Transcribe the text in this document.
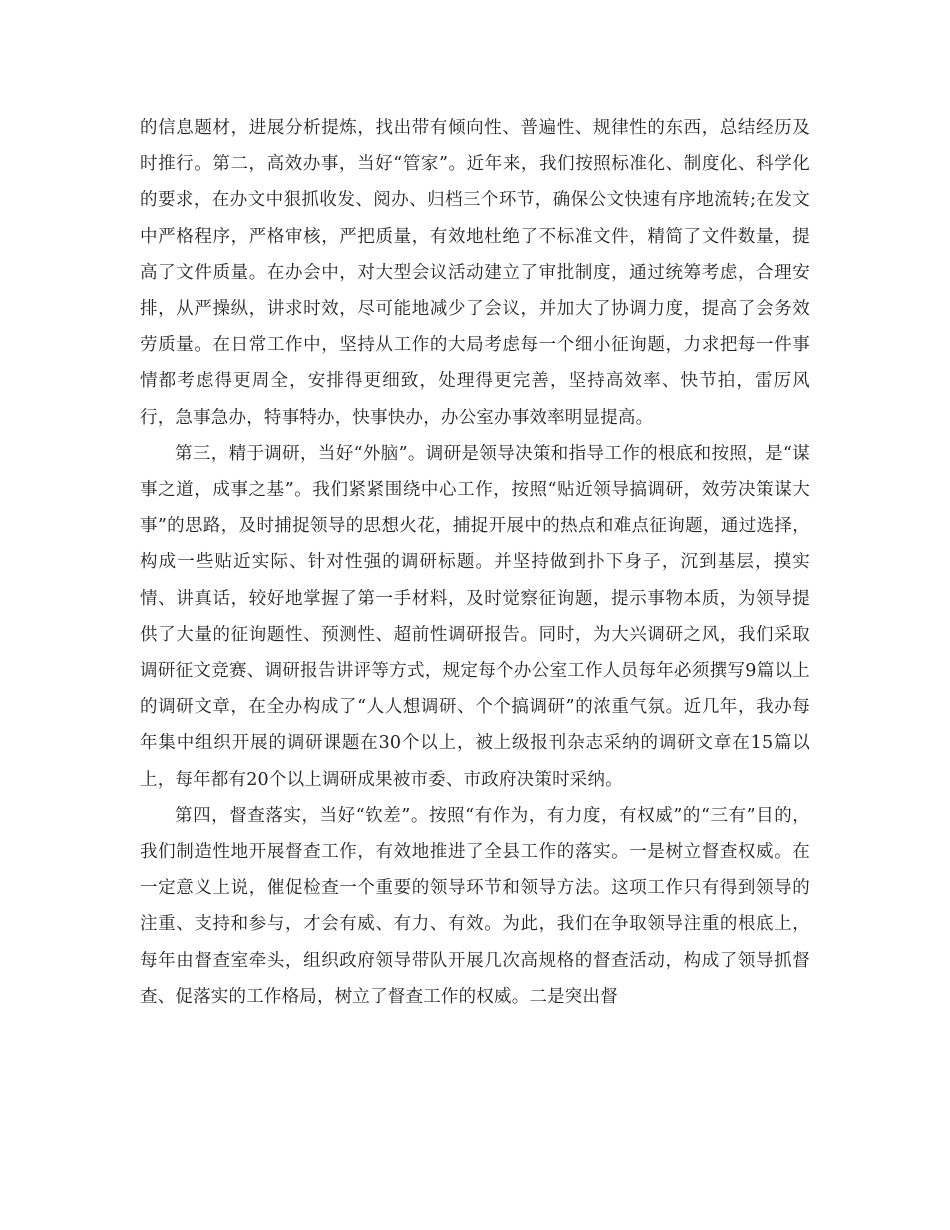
的信息题材，进展分析提炼，找出带有倾向性、普遍性、规律性的东西，总结经历及时推行。第二，高效办事，当好“管家”。近年来，我们按照标准化、制度化、科学化的要求，在办文中狠抓收发、阅办、归档三个环节，确保公文快速有序地流转;在发文中严格程序，严格审核，严把质量，有效地杜绝了不标准文件，精简了文件数量，提高了文件质量。在办会中，对大型会议活动建立了审批制度，通过统筹考虑，合理安排，从严操纵，讲求时效，尽可能地减少了会议，并加大了协调力度，提高了会务效劳质量。在日常工作中，坚持从工作的大局考虑每一个细小征询题，力求把每一件事情都考虑得更周全，安排得更细致，处理得更完善，坚持高效率、快节拍，雷厉风行，急事急办，特事特办，快事快办，办公室办事效率明显提高。

第三，精于调研，当好“外脑”。调研是领导决策和指导工作的根底和按照，是“谋事之道，成事之基”。我们紧紧围绕中心工作，按照“贴近领导搞调研，效劳决策谋大事”的思路，及时捕捉领导的思想火花，捕捉开展中的热点和难点征询题，通过选择，构成一些贴近实际、针对性强的调研标题。并坚持做到扑下身子，沉到基层，摸实情、讲真话，较好地掌握了第一手材料，及时觉察征询题，提示事物本质，为领导提供了大量的征询题性、预测性、超前性调研报告。同时，为大兴调研之风，我们采取调研征文竞赛、调研报告讲评等方式，规定每个办公室工作人员每年必须撰写9篇以上的调研文章，在全办构成了“人人想调研、个个搞调研”的浓重气氛。近几年，我办每年集中组织开展的调研课题在30个以上，被上级报刊杂志采纳的调研文章在15篇以上，每年都有20个以上调研成果被市委、市政府决策时采纳。

第四，督查落实，当好“钦差”。按照“有作为，有力度，有权威”的“三有”目的，我们制造性地开展督查工作，有效地推进了全县工作的落实。一是树立督查权威。在一定意义上说，催促检查一个重要的领导环节和领导方法。这项工作只有得到领导的注重、支持和参与，才会有威、有力、有效。为此，我们在争取领导注重的根底上，每年由督查室牵头，组织政府领导带队开展几次高规格的督查活动，构成了领导抓督查、促落实的工作格局，树立了督查工作的权威。二是突出督
